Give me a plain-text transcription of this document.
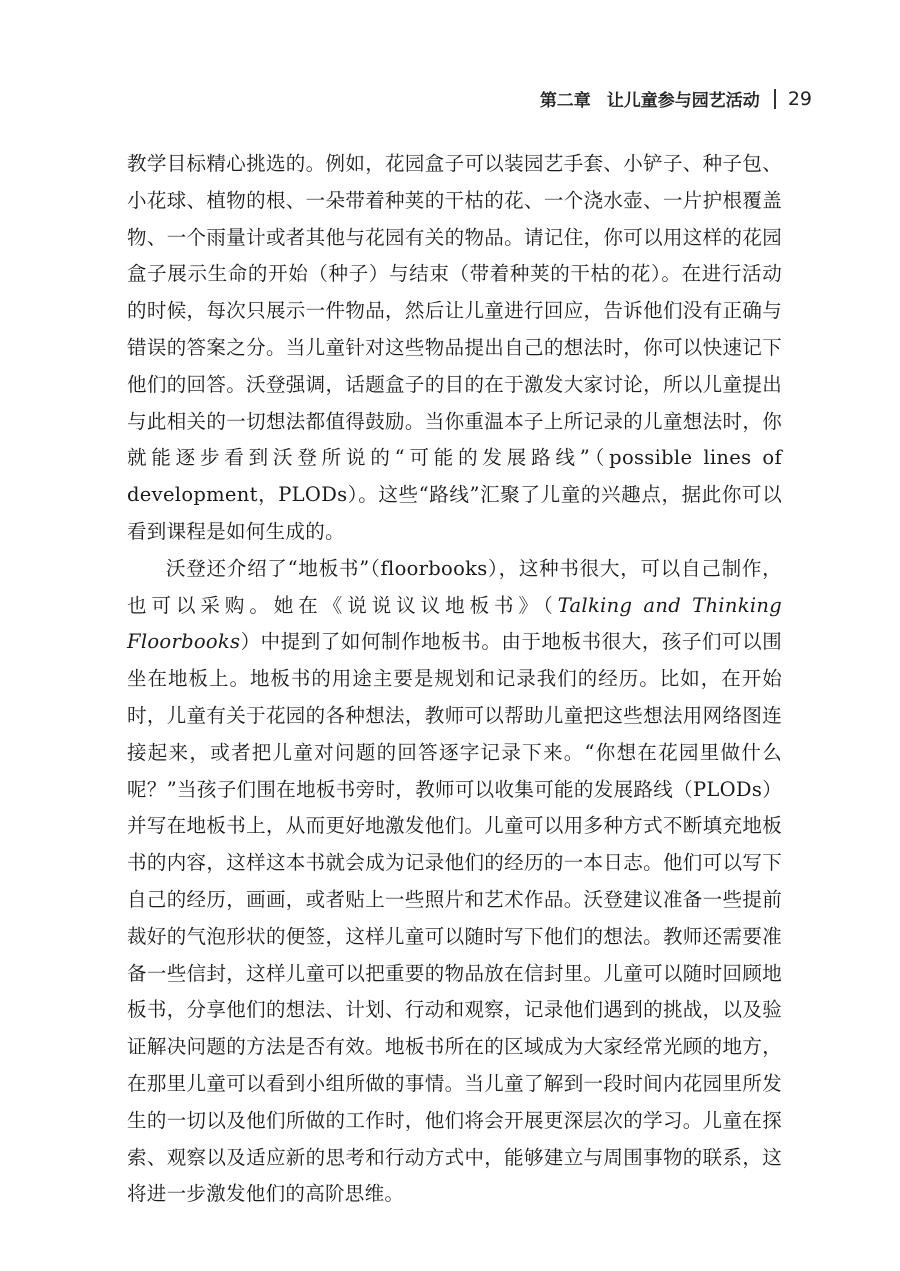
第二章 让儿童参与园艺活动 29

教学目标精心挑选的。例如，花园盒子可以装园艺手套、小铲子、种子包、小花球、植物的根、一朵带着种荚的干枯的花、一个浇水壶、一片护根覆盖物、一个雨量计或者其他与花园有关的物品。请记住，你可以用这样的花园盒子展示生命的开始（种子）与结束（带着种荚的干枯的花）。在进行活动的时候，每次只展示一件物品，然后让儿童进行回应，告诉他们没有正确与错误的答案之分。当儿童针对这些物品提出自己的想法时，你可以快速记下他们的回答。沃登强调，话题盒子的目的在于激发大家讨论，所以儿童提出与此相关的一切想法都值得鼓励。当你重温本子上所记录的儿童想法时，你就能逐步看到沃登所说的“可能的发展路线”（possible lines of development，PLODs）。这些“路线”汇聚了儿童的兴趣点，据此你可以看到课程是如何生成的。

沃登还介绍了“地板书”（floorbooks），这种书很大，可以自己制作，也可以采购。她在《说说议议地板书》（Talking and Thinking Floorbooks）中提到了如何制作地板书。由于地板书很大，孩子们可以围坐在地板上。地板书的用途主要是规划和记录我们的经历。比如，在开始时，儿童有关于花园的各种想法，教师可以帮助儿童把这些想法用网络图连接起来，或者把儿童对问题的回答逐字记录下来。“你想在花园里做什么呢？”当孩子们围在地板书旁时，教师可以收集可能的发展路线（PLODs）并写在地板书上，从而更好地激发他们。儿童可以用多种方式不断填充地板书的内容，这样这本书就会成为记录他们的经历的一本日志。他们可以写下自己的经历，画画，或者贴上一些照片和艺术作品。沃登建议准备一些提前裁好的气泡形状的便签，这样儿童可以随时写下他们的想法。教师还需要准备一些信封，这样儿童可以把重要的物品放在信封里。儿童可以随时回顾地板书，分享他们的想法、计划、行动和观察，记录他们遇到的挑战，以及验证解决问题的方法是否有效。地板书所在的区域成为大家经常光顾的地方，在那里儿童可以看到小组所做的事情。当儿童了解到一段时间内花园里所发生的一切以及他们所做的工作时，他们将会开展更深层次的学习。儿童在探索、观察以及适应新的思考和行动方式中，能够建立与周围事物的联系，这将进一步激发他们的高阶思维。
